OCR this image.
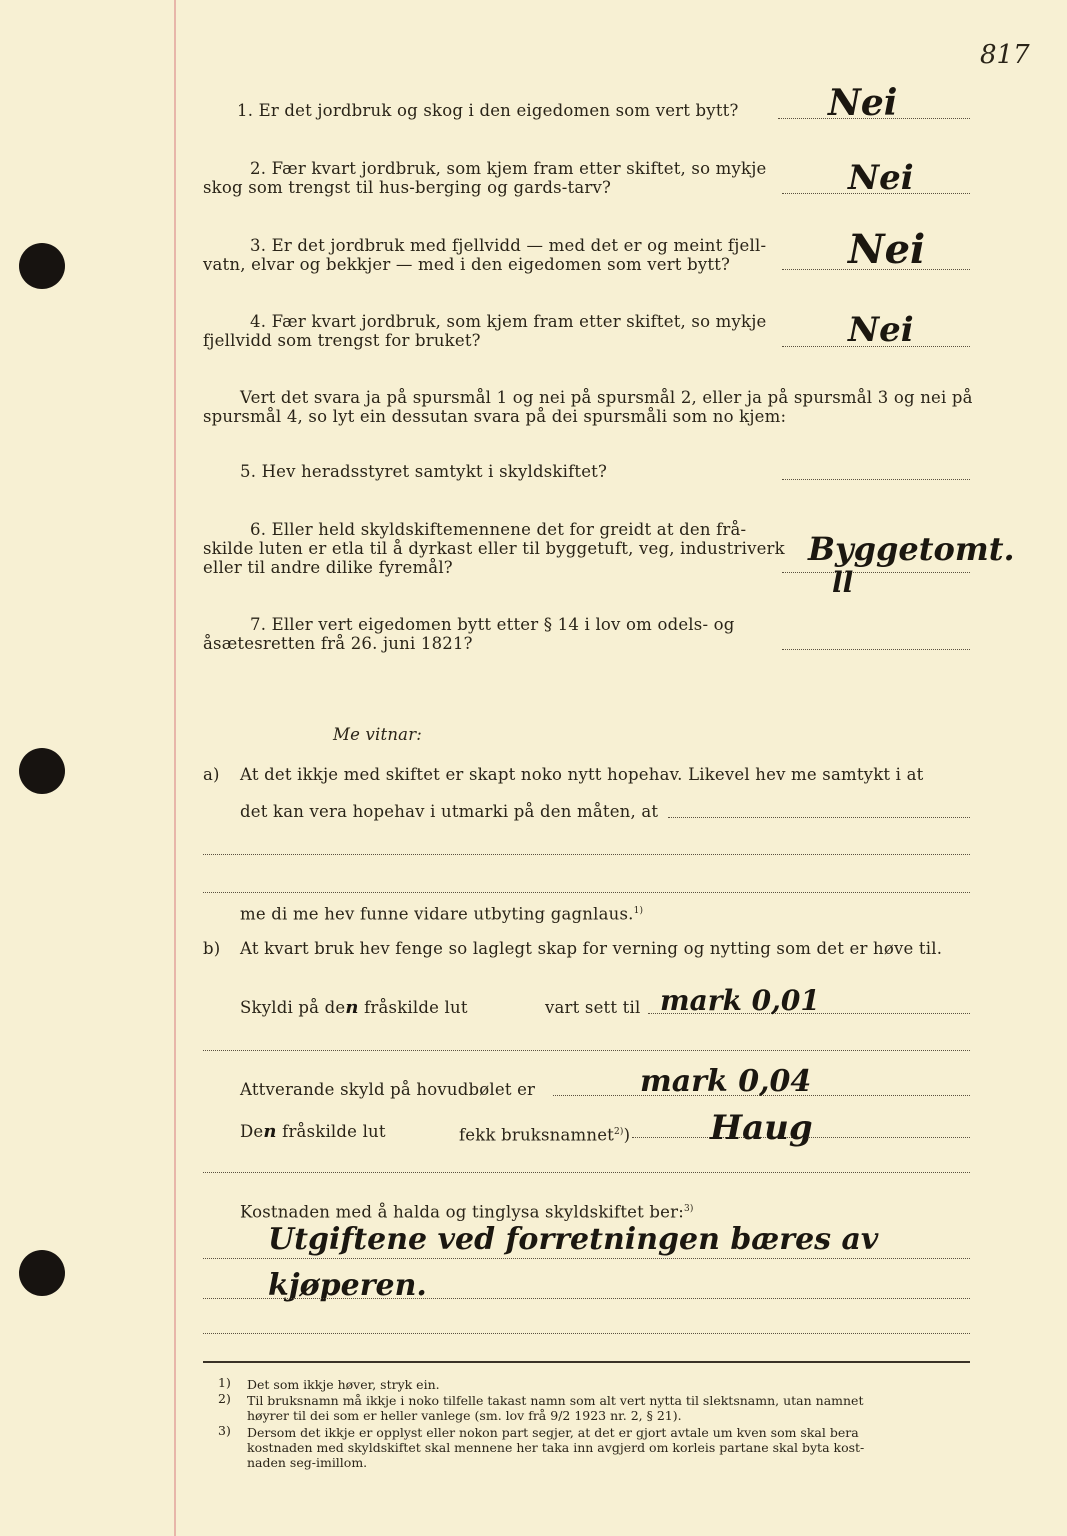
817
1. Er det jordbruk og skog i den eigedomen som vert bytt? Nei
2. Fær kvart jordbruk, som kjem fram etter skiftet, so mykje
skog som trengst til hus-berging og gards-tarv?	Nei
3. Er det jordbruk med fjellvidd — med det er og meint fjell-
vatn, elvar og bekkjer — med i den eigedomen som vert bytt?	Nei
4. Fær kvart jordbruk, som kjem fram etter skiftet, so mykje
fjellvidd som trengst for bruket?	Nei
Vert det svara ja på spursmål 1 og nei på spursmål 2, eller ja på spursmål 3 og nei på
spursmål 4, so lyt ein dessutan svara på dei spursmåli som no kjem:
5. Hev heradsstyret samtykt i skyldskiftet?
6. Eller held skyldskiftemennene det for greidt at den frå-
skilde luten er etla til å dyrkast eller til byggetuft, veg, industriverk
eller til andre dilike fyremål?	Byggetomt.
ll
7. Eller vert eigedomen bytt etter § 14 i lov om odels- og
åsætesretten frå 26. juni 1821?
Me vitnar:
a) At det ikkje med skiftet er skapt noko nytt hopehav. Likevel hev me samtykt i at
det kan vera hopehav i utmarki på den måten, at
me di me hev funne vidare utbyting gagnlaus.$^{1)}$
b) At kvart bruk hev fenge so laglegt skap for verning og nytting som det er høve til.
Skyldi på den fråskilde lut	vart sett til mark 0,01
Attverande skyld på hovudbølet er	mark 0,04
Den fråskilde lut	fekk bruksnamnet$^{2)}$) Haug
Kostnaden med å halda og tinglysa skyldskiftet ber:$^{3)}$
Utgiftene ved forretningen bæres av
kjøperen.
1) Det som ikkje høver, stryk ein.
2) Til bruksnamn må ikkje i noko tilfelle takast namn som alt vert nytta til slektsnamn, utan namnet
høyrer til dei som er heller vanlege (sm. lov frå 9/2 1923 nr. 2, § 21).
3) Dersom det ikkje er opplyst eller nokon part segjer, at det er gjort avtale um kven som skal bera
kostnaden med skyldskiftet skal mennene her taka inn avgjerd om korleis partane skal byta kost-
naden seg-imillom.
